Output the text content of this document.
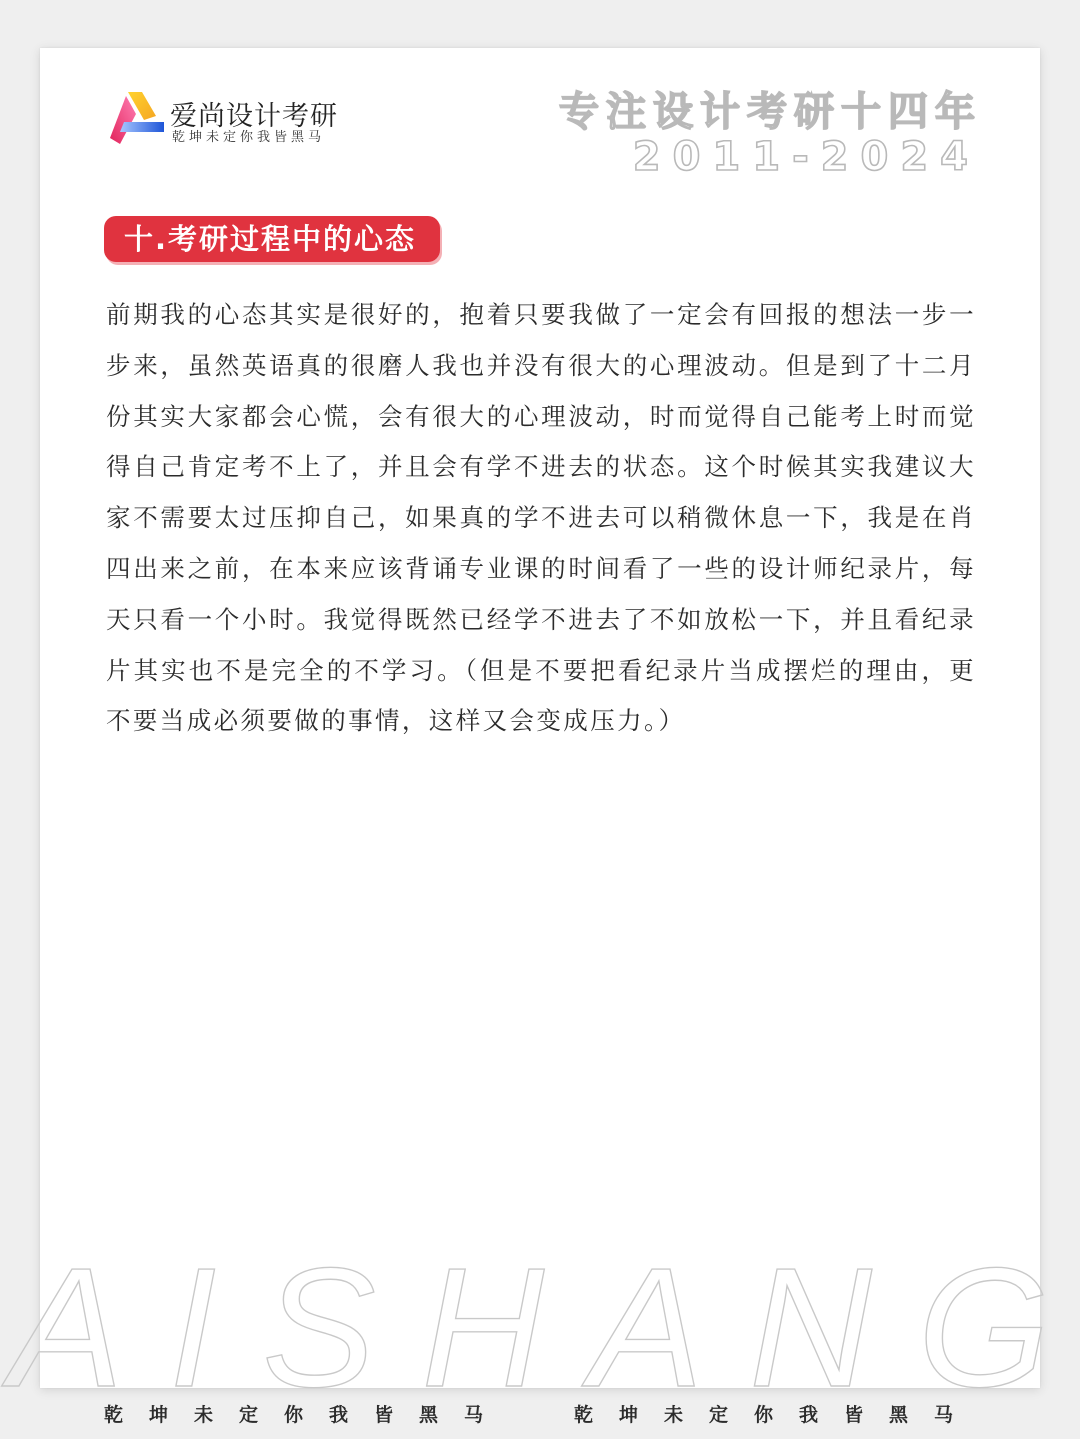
爱尚设计考研
乾坤未定你我皆黑马
专注设计考研十四年
2011-2024
十.考研过程中的心态

前期我的心态其实是很好的，抱着只要我做了一定会有回报的想法一步一步来，虽然英语真的很磨人我也并没有很大的心理波动。但是到了十二月份其实大家都会心慌，会有很大的心理波动，时而觉得自己能考上时而觉得自己肯定考不上了，并且会有学不进去的状态。这个时候其实我建议大家不需要太过压抑自己，如果真的学不进去可以稍微休息一下，我是在肖四出来之前，在本来应该背诵专业课的时间看了一些的设计师纪录片，每天只看一个小时。我觉得既然已经学不进去了不如放松一下，并且看纪录片其实也不是完全的不学习。（但是不要把看纪录片当成摆烂的理由，更不要当成必须要做的事情，这样又会变成压力。）

AISHANG
乾坤未定你我皆黑马	乾坤未定你我皆黑马
